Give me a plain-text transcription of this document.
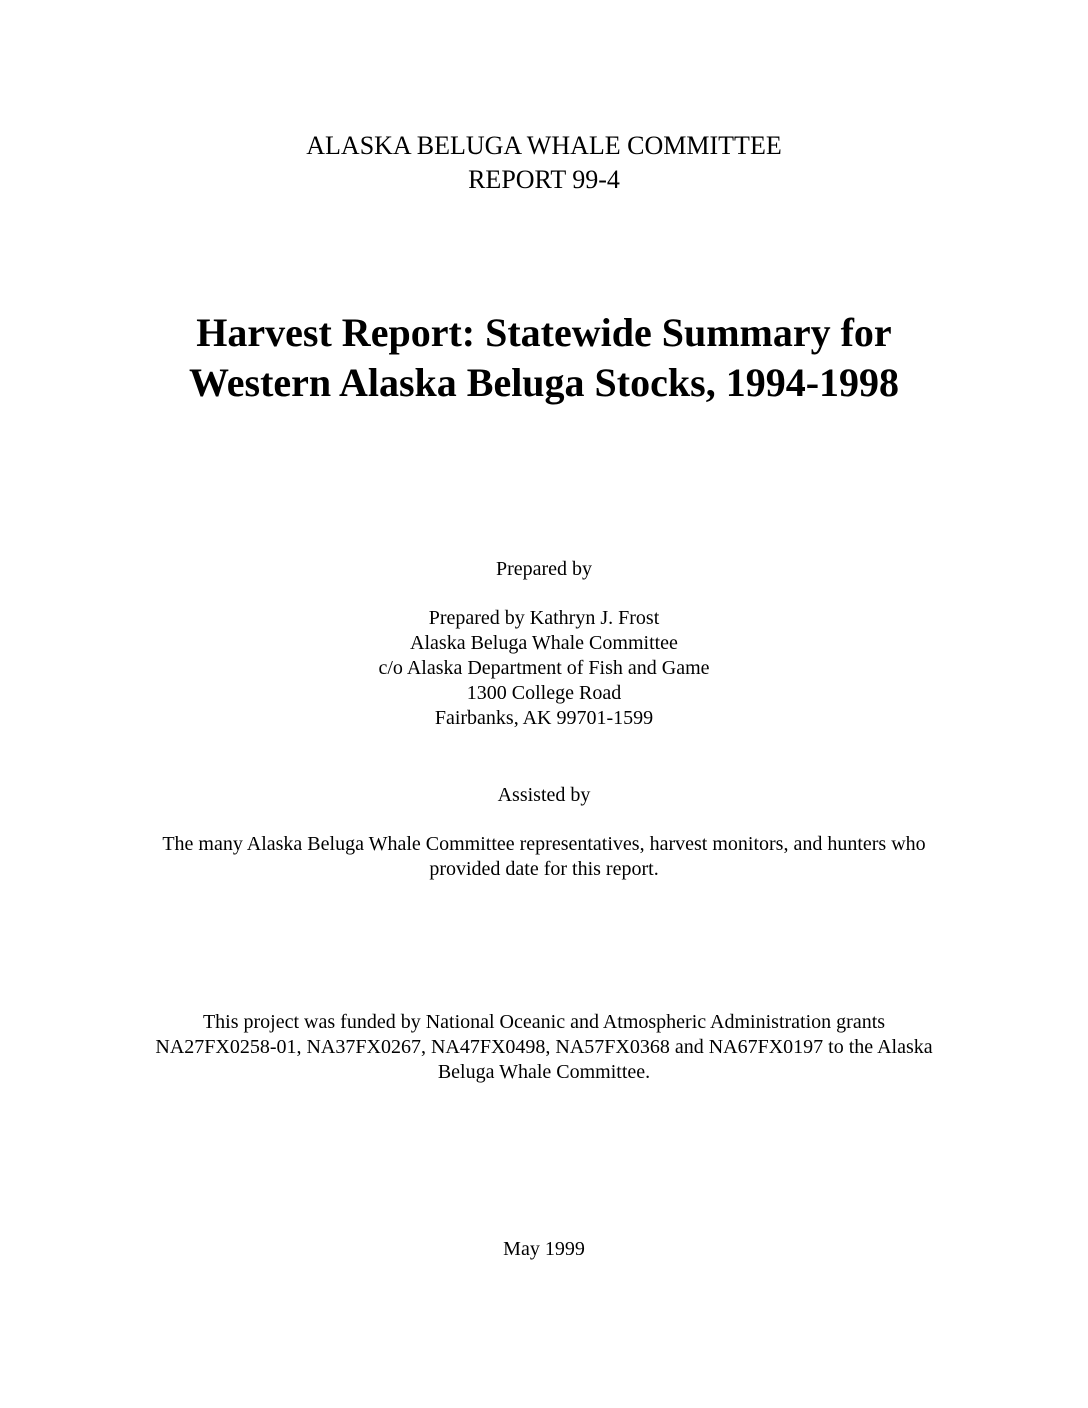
ALASKA BELUGA WHALE COMMITTEE
REPORT 99-4
Harvest Report: Statewide Summary for
Western Alaska Beluga Stocks, 1994-1998
Prepared by
Prepared by Kathryn J. Frost
Alaska Beluga Whale Committee
c/o Alaska Department of Fish and Game
1300 College Road
Fairbanks, AK 99701-1599
Assisted by
The many Alaska Beluga Whale Committee representatives, harvest monitors, and hunters who
provided date for this report.
This project was funded by National Oceanic and Atmospheric Administration grants
NA27FX0258-01, NA37FX0267, NA47FX0498, NA57FX0368 and NA67FX0197 to the Alaska
Beluga Whale Committee.
May 1999
